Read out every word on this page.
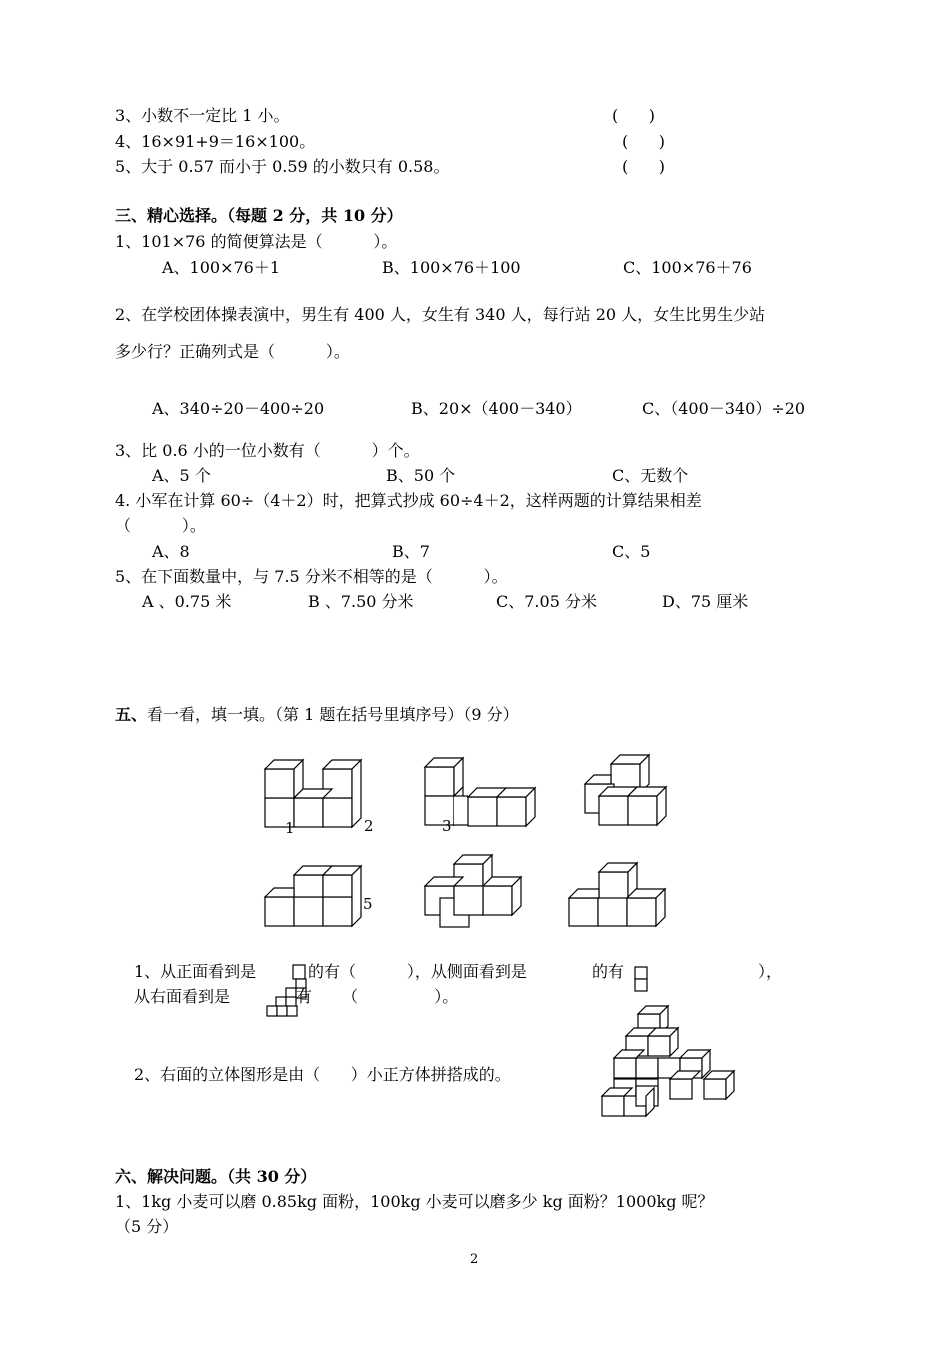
3、小数不一定比 1 小。	(      )
4、16×91+9＝16×100。	(      )
5、大于 0.57 而小于 0.59 的小数只有 0.58。	(      )
三、精心选择。（每题 2 分，共 10 分）
1、101×76 的简便算法是（          ）。
A、100×76＋1	B、100×76＋100	C、100×76＋76
2、在学校团体操表演中，男生有 400 人，女生有 340 人，每行站 20 人，女生比男生少站
多少行？正确列式是（          ）。
A、340÷20－400÷20	B、20×（400－340）	C、（400－340）÷20
3、比 0.6 小的一位小数有（          ）个。
A、5 个	B、50 个	C、无数个
4. 小军在计算 60÷（4＋2）时，把算式抄成 60÷4＋2，这样两题的计算结果相差
（          ）。
A、8	B、7	C、5
5、在下面数量中，与 7.5 分米不相等的是（          ）。
A 、0.75 米	B 、7.50 分米	C、7.05 分米	D、75 厘米
五、看一看，填一填。（第 1 题在括号里填序号）（9 分）
1	2	3
5
1、从正面看到是	的有（          ），从侧面看到是	的有	），
从右面看到是	有 （               ）。
2、右面的立体图形是由（      ）小正方体拼搭成的。
六、解决问题。（共 30 分）
1、1kg 小麦可以磨 0.85kg 面粉，100kg 小麦可以磨多少 kg 面粉？1000kg 呢？
（5 分）
2
